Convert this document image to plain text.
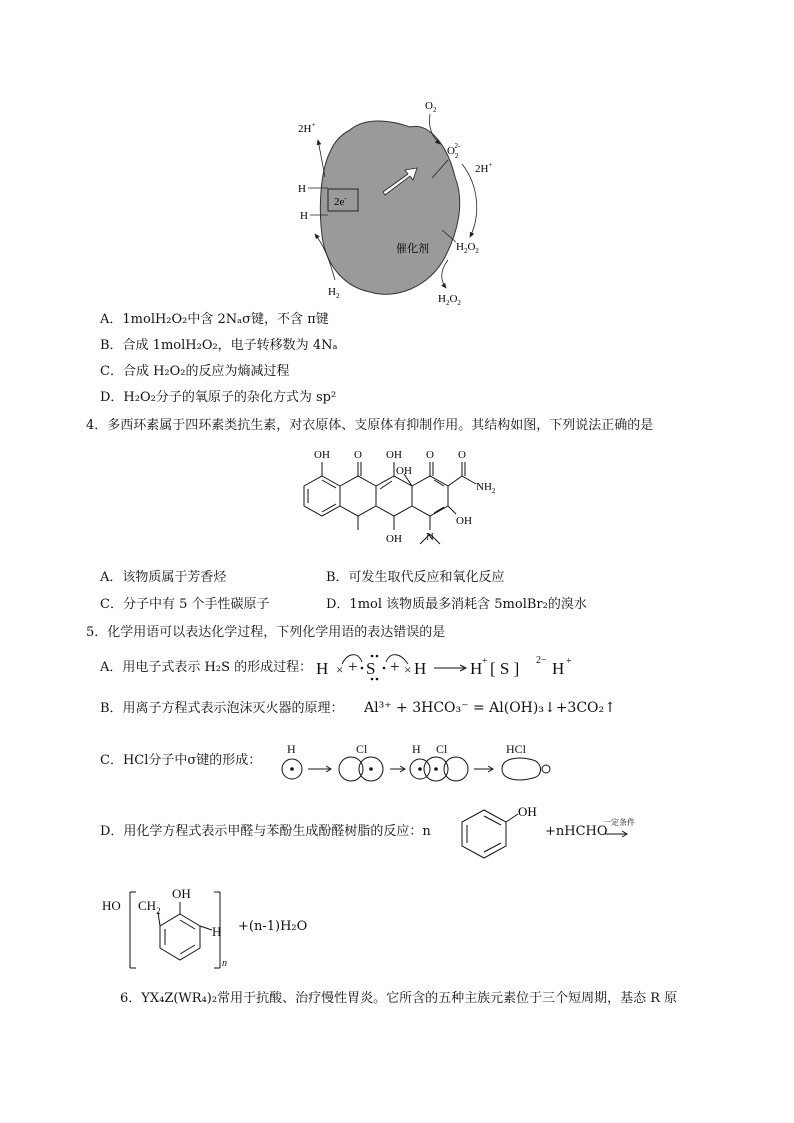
2e-
H
H
2H+
$H_2$
催化剂
$O_2$
$O_22-$
2H+
$H_2^O_2$
$H_2^O_2$
A．1molH₂O₂中含 2Nₐσ键，不含 π键
B．合成 1molH₂O₂，电子转移数为 4Nₐ
C．合成 H₂O₂的反应为熵减过程
D．H₂O₂分子的氧原子的杂化方式为 sp²
4．多西环素属于四环素类抗生素，对衣原体、支原体有抑制作用。其结构如图，下列说法正确的是
OH O OH
OH
O O
$NH_2$
OH
OH N
A．该物质属于芳香烃	B．可发生取代反应和氧化反应
C．分子中有 5 个手性碳原子	D．1mol 该物质最多消耗含 5molBr₂的溴水
5．化学用语可以表达化学过程，下列化学用语的表达错误的是
A．用电子式表示 H₂S 的形成过程： H × + S + × H	H + [ S ] 2− H +
B．用离子方程式表示泡沫灭火器的原理： Al³⁺ + 3HCO₃⁻ = Al(OH)₃↓+3CO₂↑
C．HCl分子中σ键的形成：
H	Cl	H Cl	HCl
D．用化学方程式表示甲醛与苯酚生成酚醛树脂的反应：n
OH
+nHCHO
一定条件
HO $CH_2$
OH
H
n
+(n-1)H₂O
6．YX₄Z(WR₄)₂常用于抗酸、治疗慢性胃炎。它所含的五种主族元素位于三个短周期，基态 R 原
